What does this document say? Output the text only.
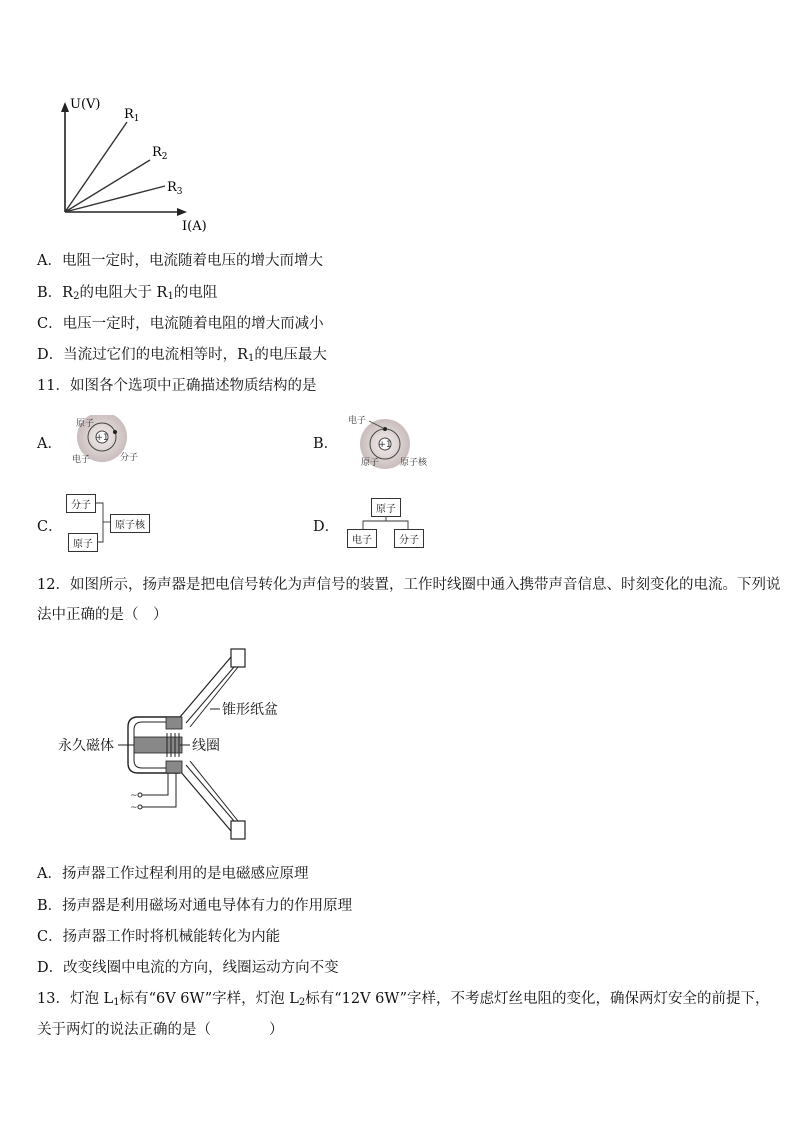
U(V)
I(A)
$R_1$
$R_2$
$R_3$
A．电阻一定时，电流随着电压的增大而增大
B．$R_2$的电阻大于 $R_1$的电阻
C．电压一定时，电流随着电阻的增大而减小
D．当流过它们的电流相等时，$R_1$的电压最大
11．如图各个选项中正确描述物质结构的是
A．	+1
原子
电子	分子
B．	+1
电子
原子 原子核
C．
分子
原子
原子核	D．
原子
电子	分子
12．如图所示，扬声器是把电信号转化为声信号的装置，工作时线圈中通入携带声音信息、时刻变化的电流。下列说
法中正确的是（　）
~
~
锥形纸盆
永久磁体	线圈
A．扬声器工作过程利用的是电磁感应原理
B．扬声器是利用磁场对通电导体有力的作用原理
C．扬声器工作时将机械能转化为内能
D．改变线圈中电流的方向，线圈运动方向不变
13．灯泡 $L_1$标有“6V 6W”字样，灯泡 $L_2$标有“12V 6W”字样，不考虑灯丝电阻的变化，确保两灯安全的前提下，
关于两灯的说法正确的是（　　　　）
